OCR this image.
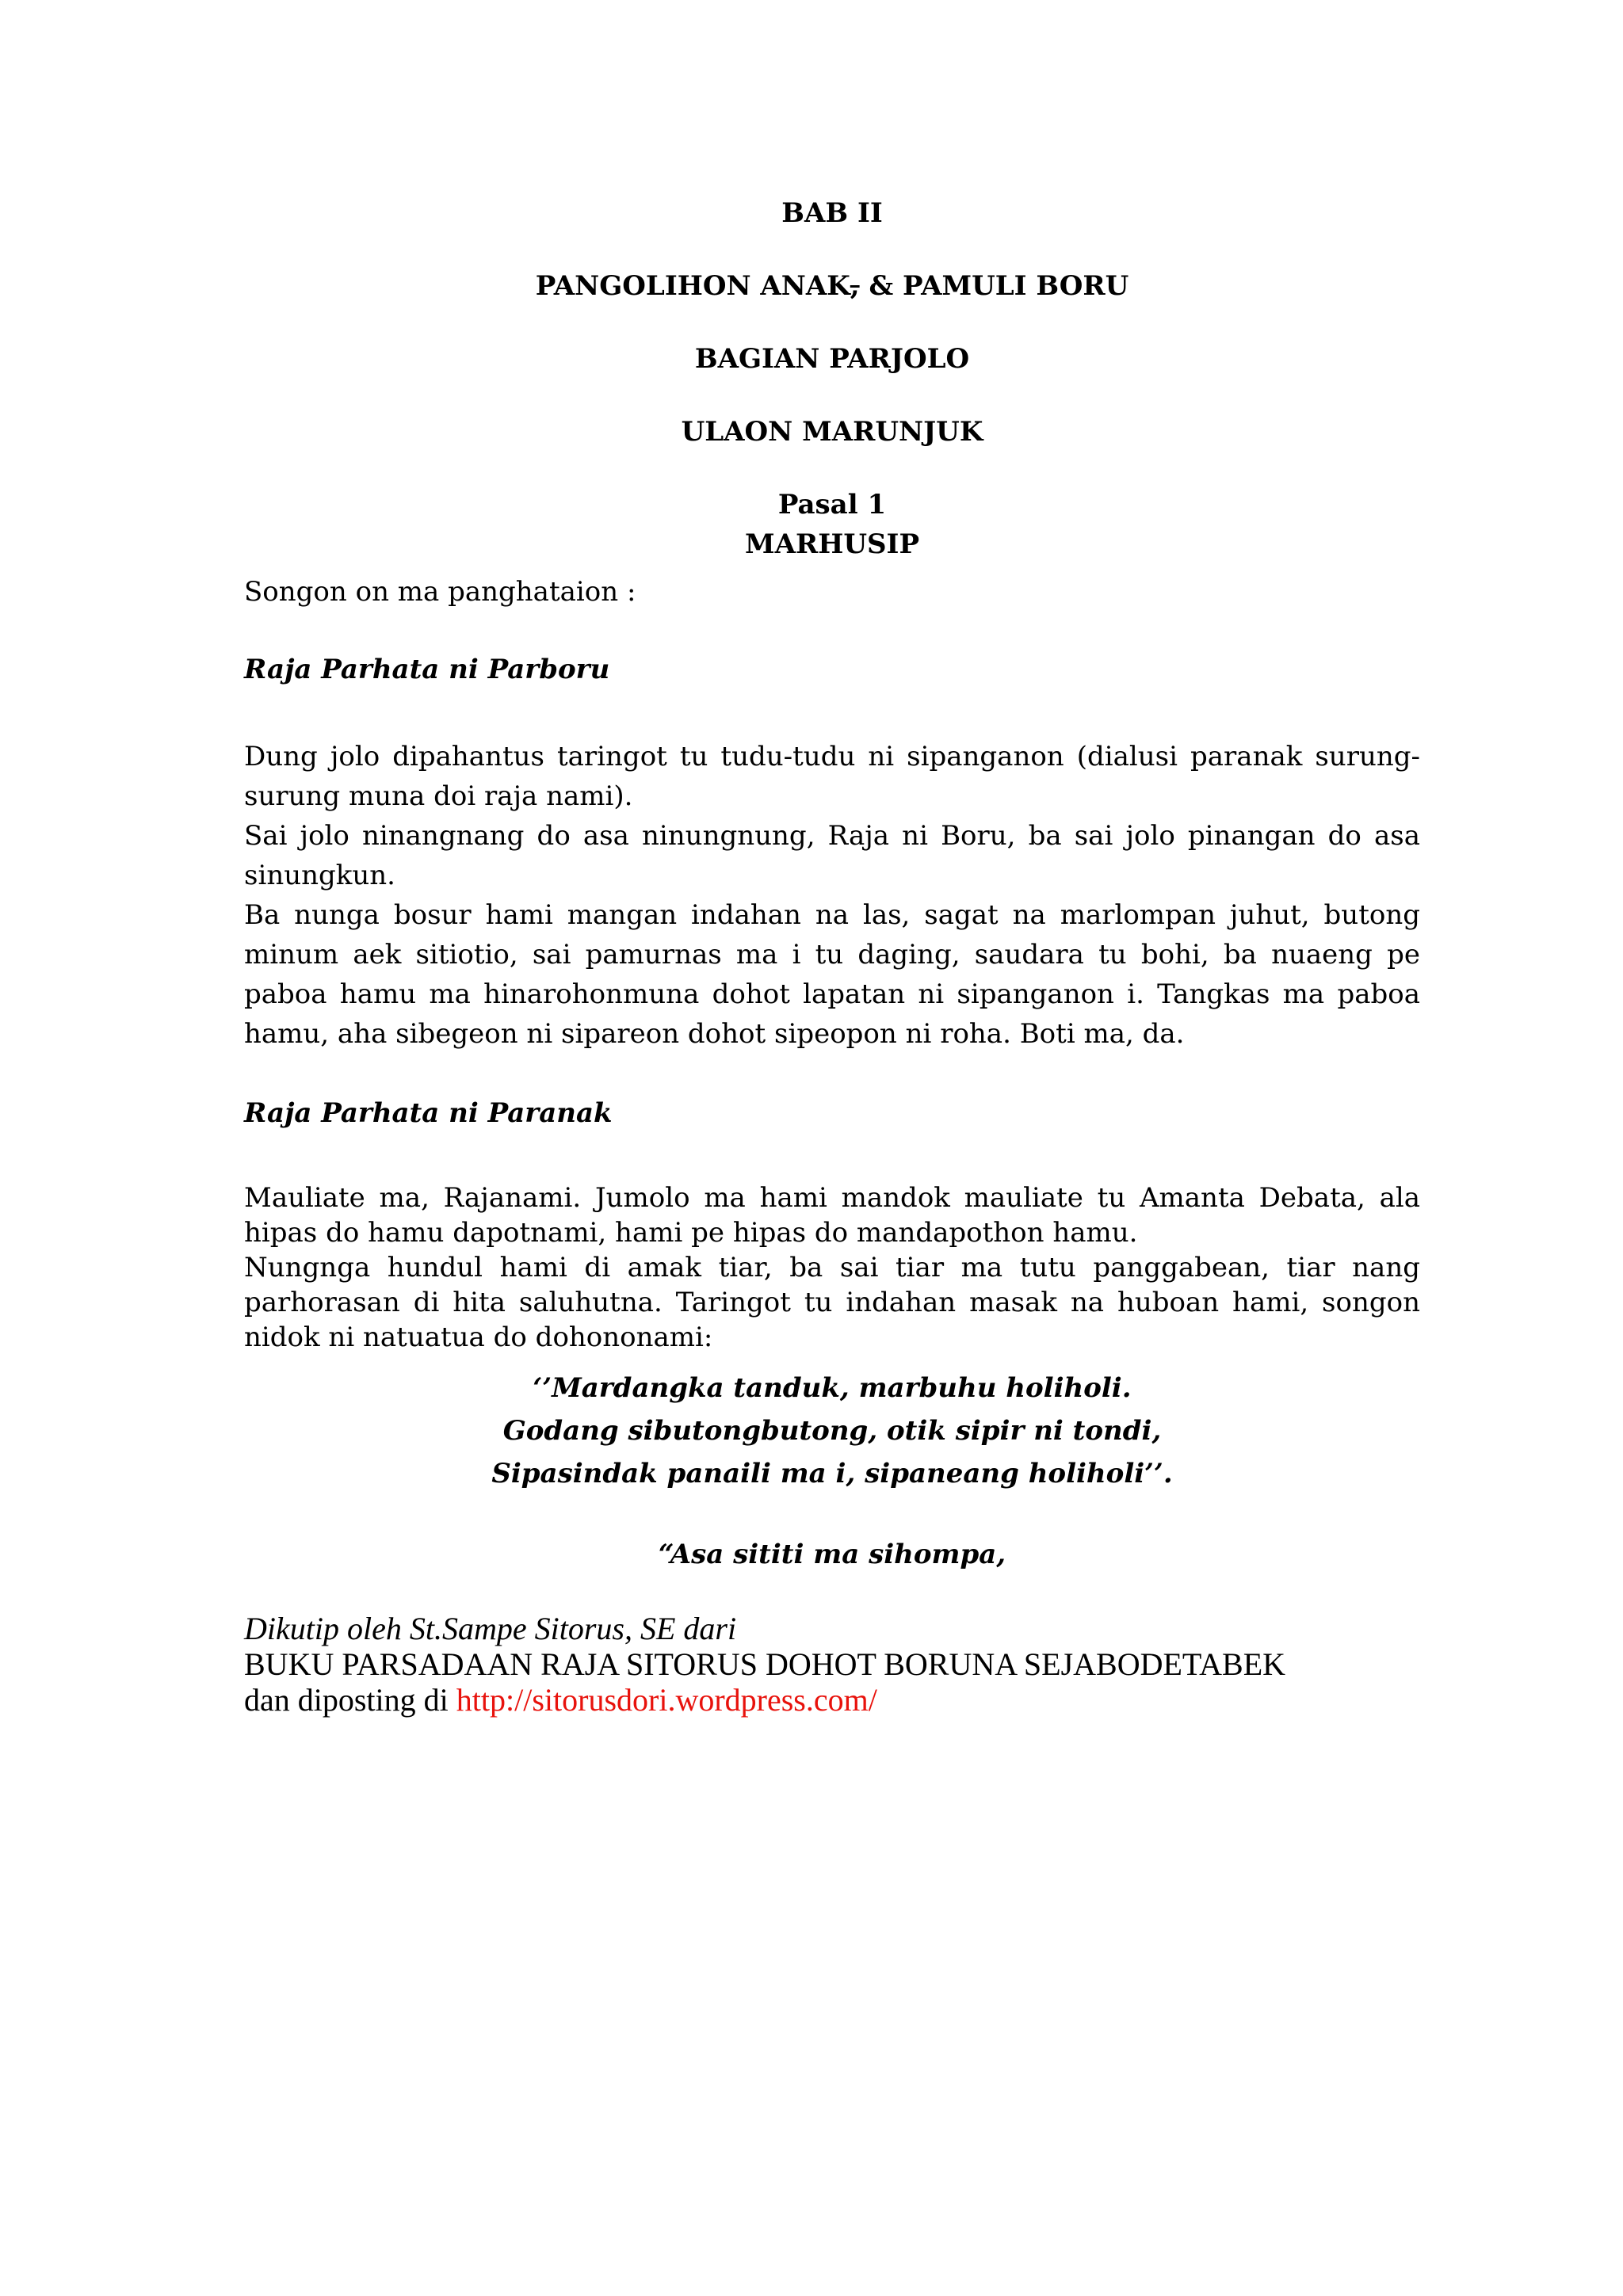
BAB II
PANGOLIHON ANAK, & PAMULI BORU
BAGIAN PARJOLO
ULAON MARUNJUK
Pasal 1
MARHUSIP
Songon on ma panghataion :
Raja Parhata ni Parboru

Dung jolo dipahantus taringot tu tudu-tudu ni sipanganon (dialusi paranak surung-surung muna doi raja nami).

Sai jolo ninangnang do asa ninungnung, Raja ni Boru, ba sai jolo pinangan do asa sinungkun.

Ba nunga bosur hami mangan indahan na las, sagat na marlompan juhut, butong minum aek sitiotio, sai pamurnas ma i tu daging, saudara tu bohi, ba nuaeng pe paboa hamu ma hinarohonmuna dohot lapatan ni sipanganon i. Tangkas ma paboa hamu, aha sibegeon ni sipareon dohot sipeopon ni roha. Boti ma, da.

Raja Parhata ni Paranak

Mauliate ma, Rajanami. Jumolo ma hami mandok mauliate tu Amanta Debata, ala hipas do hamu dapotnami, hami pe hipas do mandapothon hamu.

Nungnga hundul hami di amak tiar, ba sai tiar ma tutu panggabean, tiar nang parhorasan di hita saluhutna. Taringot tu indahan masak na huboan hami, songon nidok ni natuatua do dohononami:

‘’Mardangka tanduk, marbuhu holiholi.
Godang sibutongbutong, otik sipir ni tondi,
Sipasindak panaili ma i, sipaneang holiholi’’.
“Asa sititi ma sihompa,
Dikutip oleh St.Sampe Sitorus, SE dari
BUKU PARSADAAN RAJA SITORUS DOHOT BORUNA SEJABODETABEK
dan diposting di http://sitorusdori.wordpress.com/
